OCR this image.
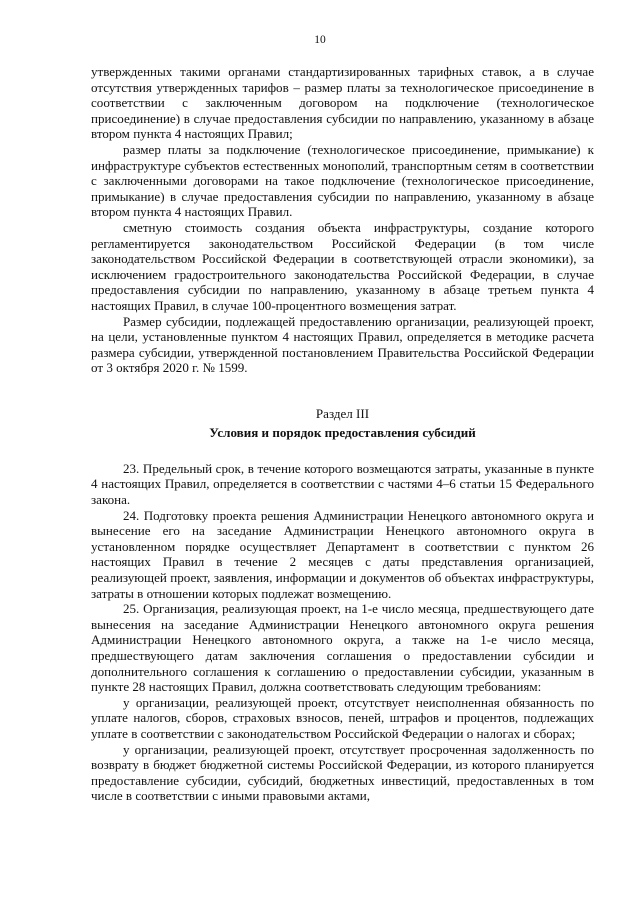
10

утвержденных такими органами стандартизированных тарифных ставок, а в случае отсутствия утвержденных тарифов – размер платы за технологическое присоединение в соответствии с заключенным договором на подключение (технологическое присоединение) в случае предоставления субсидии по направлению, указанному в абзаце втором пункта 4 настоящих Правил;

размер платы за подключение (технологическое присоединение, примыкание) к инфраструктуре субъектов естественных монополий, транспортным сетям в соответствии с заключенными договорами на такое подключение (технологическое присоединение, примыкание) в случае предоставления субсидии по направлению, указанному в абзаце втором пункта 4 настоящих Правил.

сметную стоимость создания объекта инфраструктуры, создание которого регламентируется законодательством Российской Федерации (в том числе законодательством Российской Федерации в соответствующей отрасли экономики), за исключением градостроительного законодательства Российской Федерации, в случае предоставления субсидии по направлению, указанному в абзаце третьем пункта 4 настоящих Правил, в случае 100-процентного возмещения затрат.

Размер субсидии, подлежащей предоставлению организации, реализующей проект, на цели, установленные пунктом 4 настоящих Правил, определяется в методике расчета размера субсидии, утвержденной постановлением Правительства Российской Федерации от 3 октября 2020 г. № 1599.

Раздел III
Условия и порядок предоставления субсидий

23. Предельный срок, в течение которого возмещаются затраты, указанные в пункте 4 настоящих Правил, определяется в соответствии с частями 4–6 статьи 15 Федерального закона.

24. Подготовку проекта решения Администрации Ненецкого автономного округа и вынесение его на заседание Администрации Ненецкого автономного округа в установленном порядке осуществляет Департамент в соответствии с пунктом 26 настоящих Правил в течение 2 месяцев с даты представления организацией, реализующей проект, заявления, информации и документов об объектах инфраструктуры, затраты в отношении которых подлежат возмещению.

25. Организация, реализующая проект, на 1-е число месяца, предшествующего дате вынесения на заседание Администрации Ненецкого автономного округа решения Администрации Ненецкого автономного округа, а также на 1-е число месяца, предшествующего датам заключения соглашения о предоставлении субсидии и дополнительного соглашения к соглашению о предоставлении субсидии, указанным в пункте 28 настоящих Правил, должна соответствовать следующим требованиям:

у организации, реализующей проект, отсутствует неисполненная обязанность по уплате налогов, сборов, страховых взносов, пеней, штрафов и процентов, подлежащих уплате в соответствии с законодательством Российской Федерации о налогах и сборах;

у организации, реализующей проект, отсутствует просроченная задолженность по возврату в бюджет бюджетной системы Российской Федерации, из которого планируется предоставление субсидии, субсидий, бюджетных инвестиций, предоставленных в том числе в соответствии с иными правовыми актами,
